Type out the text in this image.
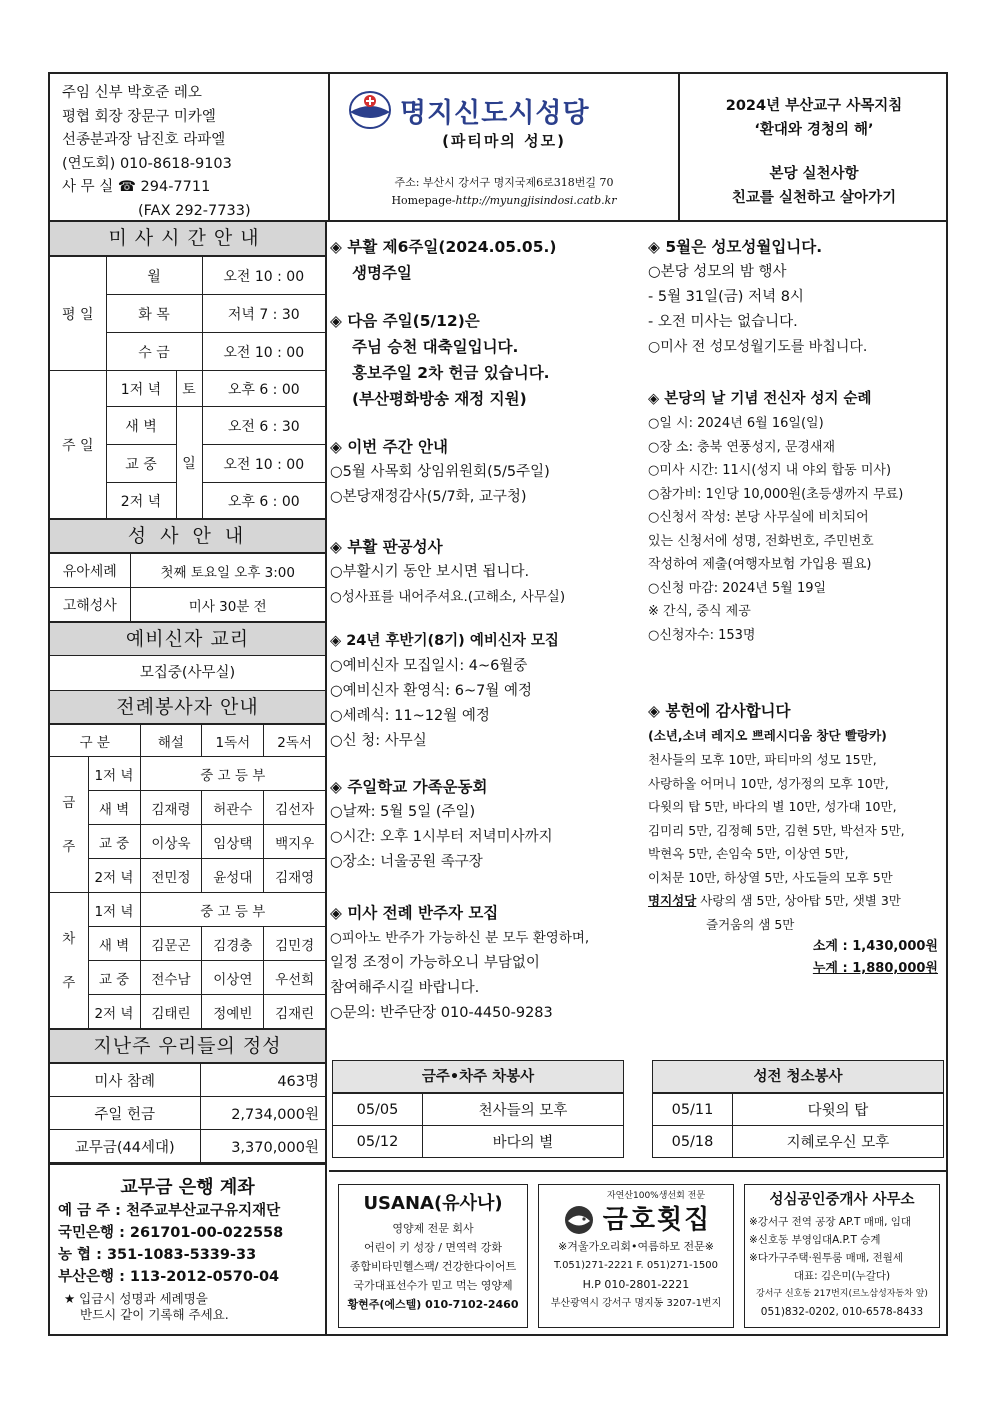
주임 신부 박호준 레오
평협 회장 장문구 미카엘
선종분과장 남진호 라파엘
(연도회) 010-8618-9103
사 무 실 ☎ 294-7711
(FAX 292-7733)
명지신도시성당
(파티마의 성모)
주소: 부산시 강서구 명지국제6로318번길 70
Homepage-http://myungjisindosi.catb.kr
2024년 부산교구 사목지침
‘환대와 경청의 해’
본당 실천사항
친교를 실천하고 살아가기
미사시간안내
평 일	월		오전 10 : 00
	화 목		저녁 7 : 30
	수 금		오전 10 : 00
주 일	1저 녁	토	오후 6 : 00
	새 벽	일	오전 6 : 30
	교 중		오전 10 : 00
	2저 녁		오후 6 : 00
성 사 안 내
유아세례	첫째 토요일 오후 3:00
고해성사	미사 30분 전
예비신자 교리
모집중(사무실)
전례봉사자 안내
구 분		해설	1독서	2독서
금
주	1저 녁	중 고 등 부		
	새 벽	김재령	허관수	김선자
	교 중	이상욱	임상택	백지우
	2저 녁	전민정	윤성대	김재영
차
주	1저 녁	중 고 등 부		
	새 벽	김문곤	김경충	김민경
	교 중	전수남	이상연	우선희
	2저 녁	김태린	정예빈	김재린
지난주 우리들의 정성
미사 참례	463명
주일 헌금	2,734,000원
교무금(44세대)	3,370,000원
교무금 은행 계좌
예 금 주 : 천주교부산교구유지재단
국민은행 : 261701-00-022558
농 협 : 351-1083-5339-33
부산은행 : 113-2012-0570-04
★ 입금시 성명과 세례명을
반드시 같이 기록해 주세요.
◈ 부활 제6주일(2024.05.05.)
생명주일
◈ 다음 주일(5/12)은
주님 승천 대축일입니다.
홍보주일 2차 헌금 있습니다.
(부산평화방송 재정 지원)
◈ 이번 주간 안내
○5월 사목회 상임위원회(5/5주일)
○본당재정감사(5/7화, 교구청)
◈ 부활 판공성사
○부활시기 동안 보시면 됩니다.
○성사표를 내어주셔요.(고해소, 사무실)
◈ 24년 후반기(8기) 예비신자 모집
○예비신자 모집일시: 4~6월중
○예비신자 환영식: 6~7월 예정
○세례식: 11~12월 예정
○신 청: 사무실
◈ 주일학교 가족운동회
○날짜: 5월 5일 (주일)
○시간: 오후 1시부터 저녁미사까지
○장소: 너울공원 족구장
◈ 미사 전례 반주자 모집
○피아노 반주가 가능하신 분 모두 환영하며,
일정 조정이 가능하오니 부담없이
참여해주시길 바랍니다.
○문의: 반주단장 010-4450-9283
◈ 5월은 성모성월입니다.
○본당 성모의 밤 행사
- 5월 31일(금) 저녁 8시
- 오전 미사는 없습니다.
○미사 전 성모성월기도를 바칩니다.
◈ 본당의 날 기념 전신자 성지 순례
○일 시: 2024년 6월 16일(일)
○장 소: 충북 연풍성지, 문경새재
○미사 시간: 11시(성지 내 야외 합동 미사)
○참가비: 1인당 10,000원(초등생까지 무료)
○신청서 작성: 본당 사무실에 비치되어
있는 신청서에 성명, 전화번호, 주민번호
작성하여 제출(여행자보험 가입용 필요)
○신청 마감: 2024년 5월 19일
※ 간식, 중식 제공
○신청자수: 153명
◈ 봉헌에 감사합니다
(소년,소녀 레지오 쁘레시디움 창단 빨랑카)
천사들의 모후 10만, 파티마의 성모 15만,
사랑하올 어머니 10만, 성가정의 모후 10만,
다윗의 탑 5만, 바다의 별 10만, 성가대 10만,
김미리 5만, 김정혜 5만, 김현 5만, 박선자 5만,
박현옥 5만, 손임숙 5만, 이상연 5만,
이처문 10만, 하상열 5만, 사도들의 모후 5만
명지성당 사랑의 샘 5만, 상아탑 5만, 샛별 3만
즐거움의 샘 5만
소계 : 1,430,000원
누계 : 1,880,000원
금주•차주 차봉사
05/05	천사들의 모후
05/12	바다의 별
성전 청소봉사
05/11	다윗의 탑
05/18	지혜로우신 모후
USANA(유사나)
영양제 전문 회사
어린이 키 성장 / 면역력 강화
종합비타민헬스팩/ 건강한다이어트
국가대표선수가 믿고 먹는 영양제
황현주(에스텔) 010-7102-2460
자연산100%생선회 전문
금호횟집
※겨울가오리회•여름하모 전문※
T.051)271-2221 F. 051)271-1500
H.P 010-2801-2221
부산광역시 강서구 명지동 3207-1번지
성심공인중개사 사무소
※강서구 전역 공장 AP.T 매매, 임대
※신호동 부영임대A.P.T 승계
※다가구주택·원투룸 매매, 전월세
대표: 김은미(누갈다)
강서구 신호동 217번지(르노삼성자동차 앞)
051)832-0202, 010-6578-8433
